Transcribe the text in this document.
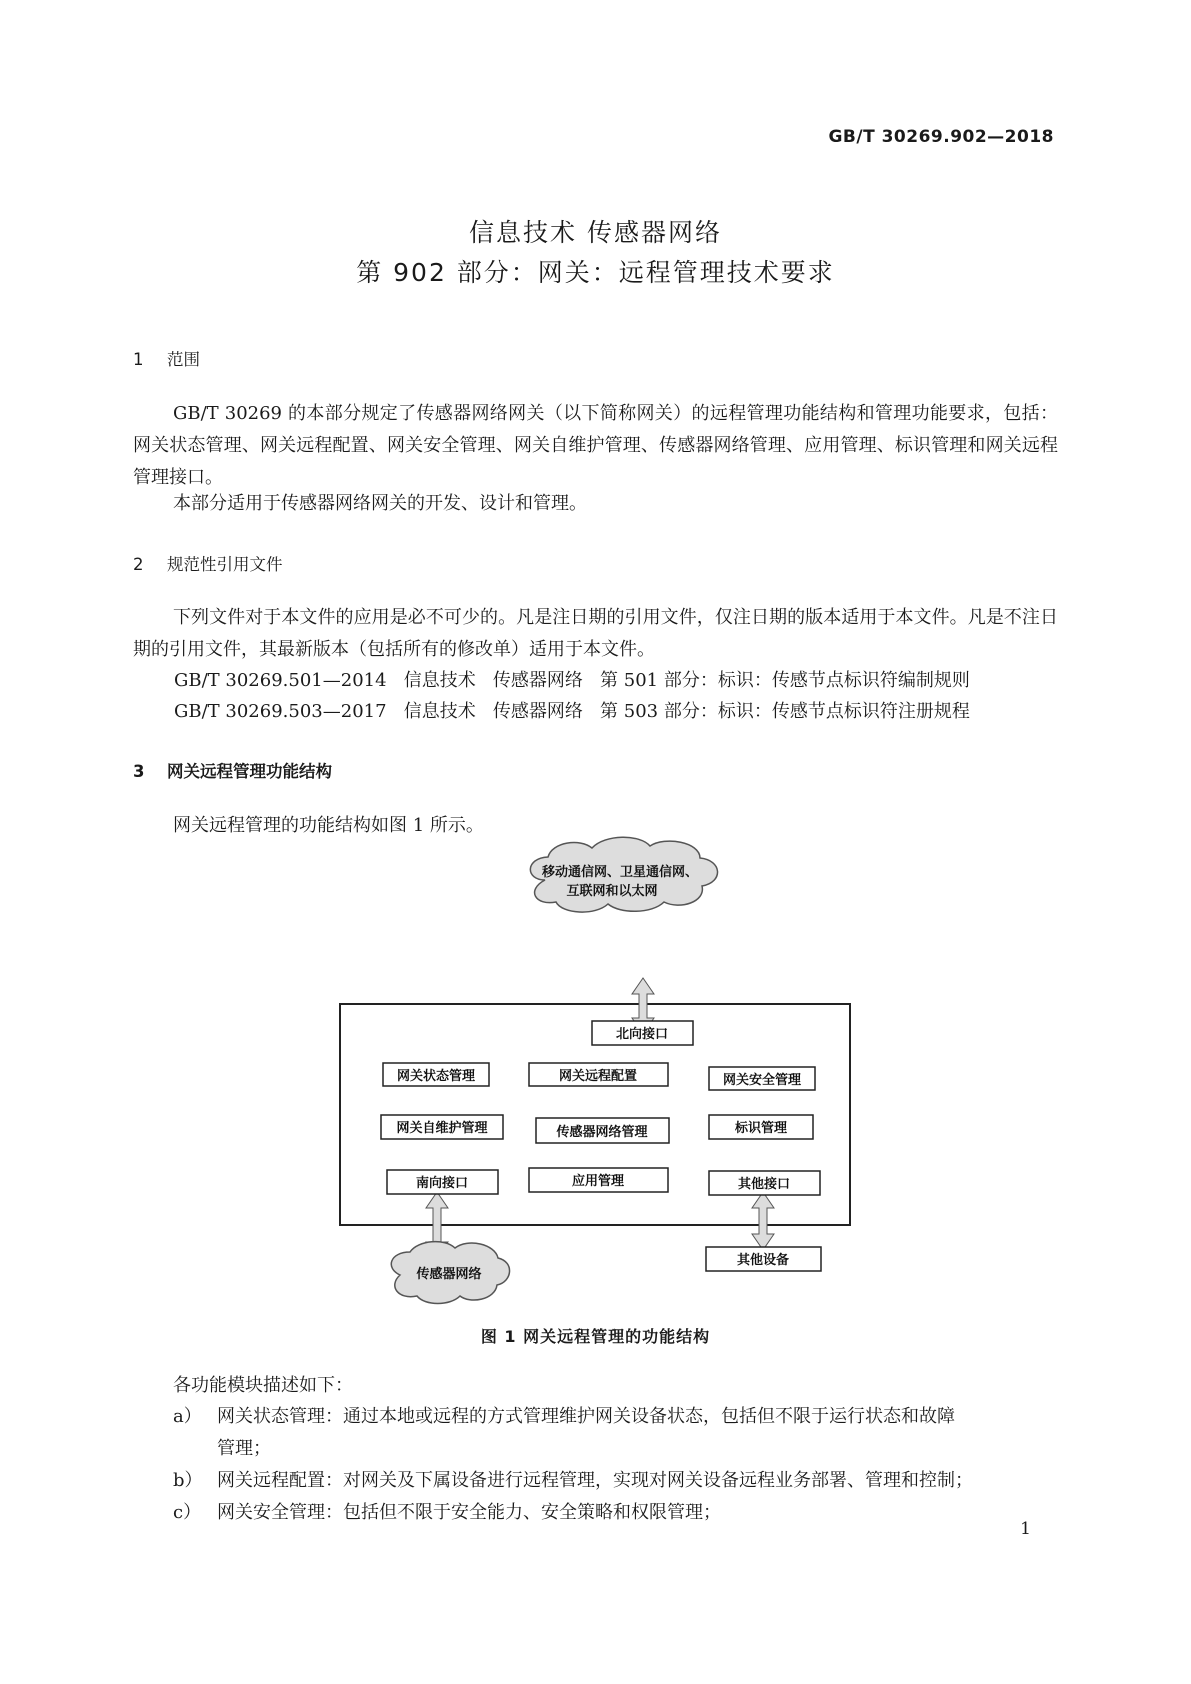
GB/T 30269.902—2018
信息技术 传感器网络
第 902 部分：网关：远程管理技术要求
1 范围
GB/T 30269 的本部分规定了传感器网络网关（以下简称网关）的远程管理功能结构和管理功能要求，包括：网关状态管理、网关远程配置、网关安全管理、网关自维护管理、传感器网络管理、应用管理、标识管理和网关远程管理接口。
本部分适用于传感器网络网关的开发、设计和管理。
2 规范性引用文件
下列文件对于本文件的应用是必不可少的。凡是注日期的引用文件，仅注日期的版本适用于本文件。凡是不注日期的引用文件，其最新版本（包括所有的修改单）适用于本文件。
GB/T 30269.501—2014   信息技术   传感器网络   第 501 部分：标识：传感节点标识符编制规则
GB/T 30269.503—2017   信息技术   传感器网络   第 503 部分：标识：传感节点标识符注册规程
3 网关远程管理功能结构
网关远程管理的功能结构如图 1 所示。
移动通信网、卫星通信网、
互联网和以太网
北向接口
网关状态管理	网关远程配置	网关安全管理
网关自维护管理	传感器网络管理	标识管理
南向接口	应用管理	其他接口
其他设备
传感器网络
图 1 网关远程管理的功能结构
各功能模块描述如下：
a） 网关状态管理：通过本地或远程的方式管理维护网关设备状态，包括但不限于运行状态和故障
管理；
b） 网关远程配置：对网关及下属设备进行远程管理，实现对网关设备远程业务部署、管理和控制；
c） 网关安全管理：包括但不限于安全能力、安全策略和权限管理；
1
